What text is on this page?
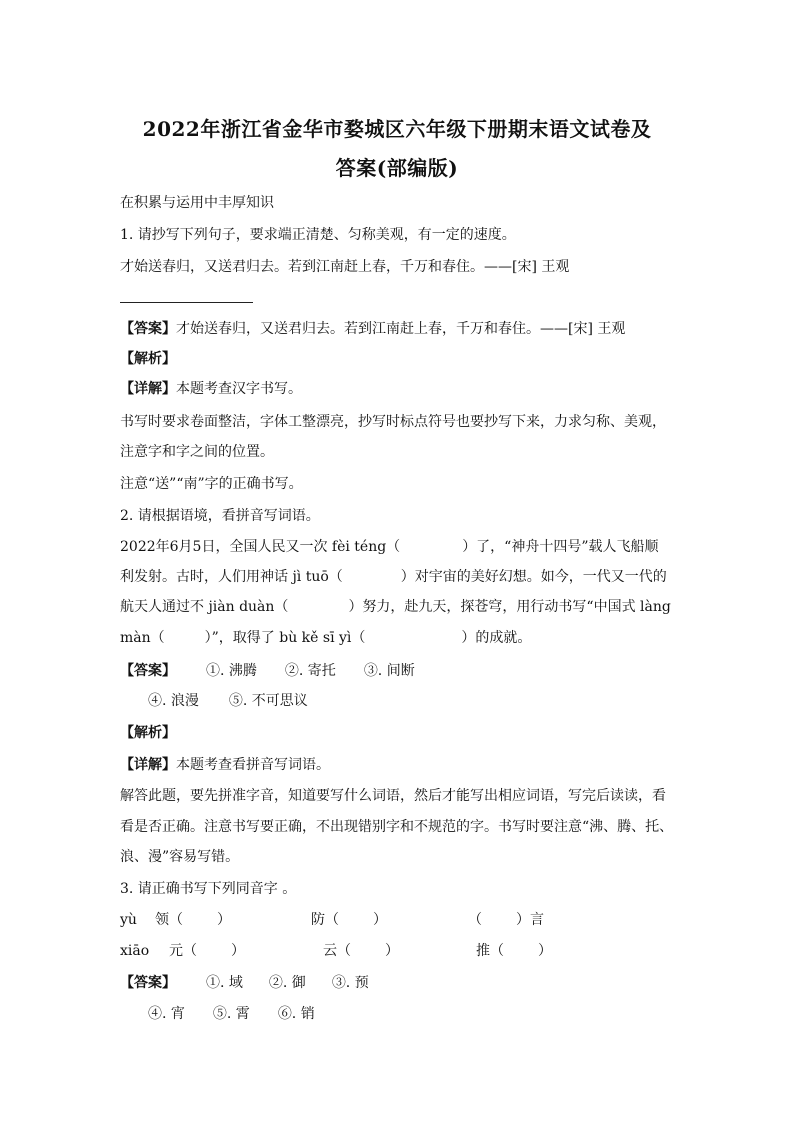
2022年浙江省金华市婺城区六年级下册期末语文试卷及
答案(部编版)
在积累与运用中丰厚知识
1. 请抄写下列句子，要求端正清楚、匀称美观，有一定的速度。
才始送春归，又送君归去。若到江南赶上春，千万和春住。——[宋] 王观
【答案】才始送春归，又送君归去。若到江南赶上春，千万和春住。——[宋] 王观
【解析】
【详解】本题考查汉字书写。
书写时要求卷面整洁，字体工整漂亮，抄写时标点符号也要抄写下来，力求匀称、美观，
注意字和字之间的位置。
注意“送”“南”字的正确书写。
2. 请根据语境，看拼音写词语。
2022年6月5日，全国人民又一次 fèi téng（	）了，“神舟十四号”载人飞船顺
利发射。古时，人们用神话 jì tuō（	）对宇宙的美好幻想。如今，一代又一代的
航天人通过不 jiàn duàn（	）努力，赴九天，探苍穹，用行动书写“中国式 làng
màn（	）”，取得了 bù kě sī yì（	）的成就。
【答案】 ①. 沸腾 ②. 寄托 ③. 间断
④. 浪漫 ⑤. 不可思议
【解析】
【详解】本题考查看拼音写词语。
解答此题，要先拼准字音，知道要写什么词语，然后才能写出相应词语，写完后读读，看
看是否正确。注意书写要正确，不出现错别字和不规范的字。书写时要注意“沸、腾、托、
浪、漫”容易写错。
3. 请正确书写下列同音字 。
yù 领（ ）	防（ ）	（ ）言
xiāo 元（ ）	云（ ）	推（ ）
【答案】 ①. 域 ②. 御 ③. 预
④. 宵 ⑤. 霄 ⑥. 销
